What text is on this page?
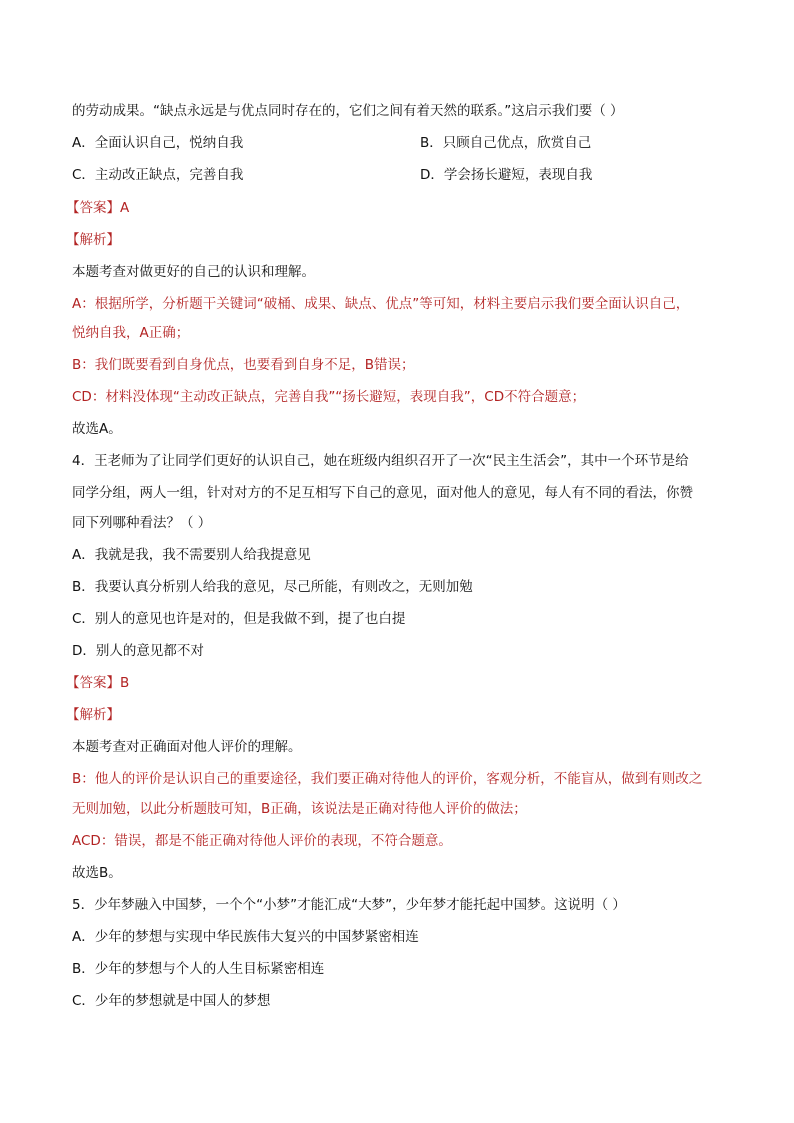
的劳动成果。“缺点永远是与优点同时存在的，它们之间有着天然的联系。”这启示我们要（ ）
A．全面认识自己，悦纳自我	B．只顾自己优点，欣赏自己
C．主动改正缺点，完善自我	D．学会扬长避短，表现自我
【答案】A
【解析】
本题考查对做更好的自己的认识和理解。
A：根据所学，分析题干关键词“破桶、成果、缺点、优点”等可知，材料主要启示我们要全面认识自己，
悦纳自我，A正确；
B：我们既要看到自身优点，也要看到自身不足，B错误；
CD：材料没体现“主动改正缺点，完善自我”“扬长避短，表现自我”，CD不符合题意；
故选A。
4．王老师为了让同学们更好的认识自己，她在班级内组织召开了一次“民主生活会”，其中一个环节是给
同学分组，两人一组，针对对方的不足互相写下自己的意见，面对他人的意见，每人有不同的看法，你赞
同下列哪种看法？（ ）
A．我就是我，我不需要别人给我提意见
B．我要认真分析别人给我的意见，尽己所能，有则改之，无则加勉
C．别人的意见也许是对的，但是我做不到，提了也白提
D．别人的意见都不对
【答案】B
【解析】
本题考查对正确面对他人评价的理解。
B：他人的评价是认识自己的重要途径，我们要正确对待他人的评价，客观分析，不能盲从，做到有则改之
无则加勉，以此分析题肢可知，B正确，该说法是正确对待他人评价的做法；
ACD：错误，都是不能正确对待他人评价的表现，不符合题意。
故选B。
5．少年梦融入中国梦，一个个“小梦”才能汇成“大梦”，少年梦才能托起中国梦。这说明（ ）
A．少年的梦想与实现中华民族伟大复兴的中国梦紧密相连
B．少年的梦想与个人的人生目标紧密相连
C．少年的梦想就是中国人的梦想
